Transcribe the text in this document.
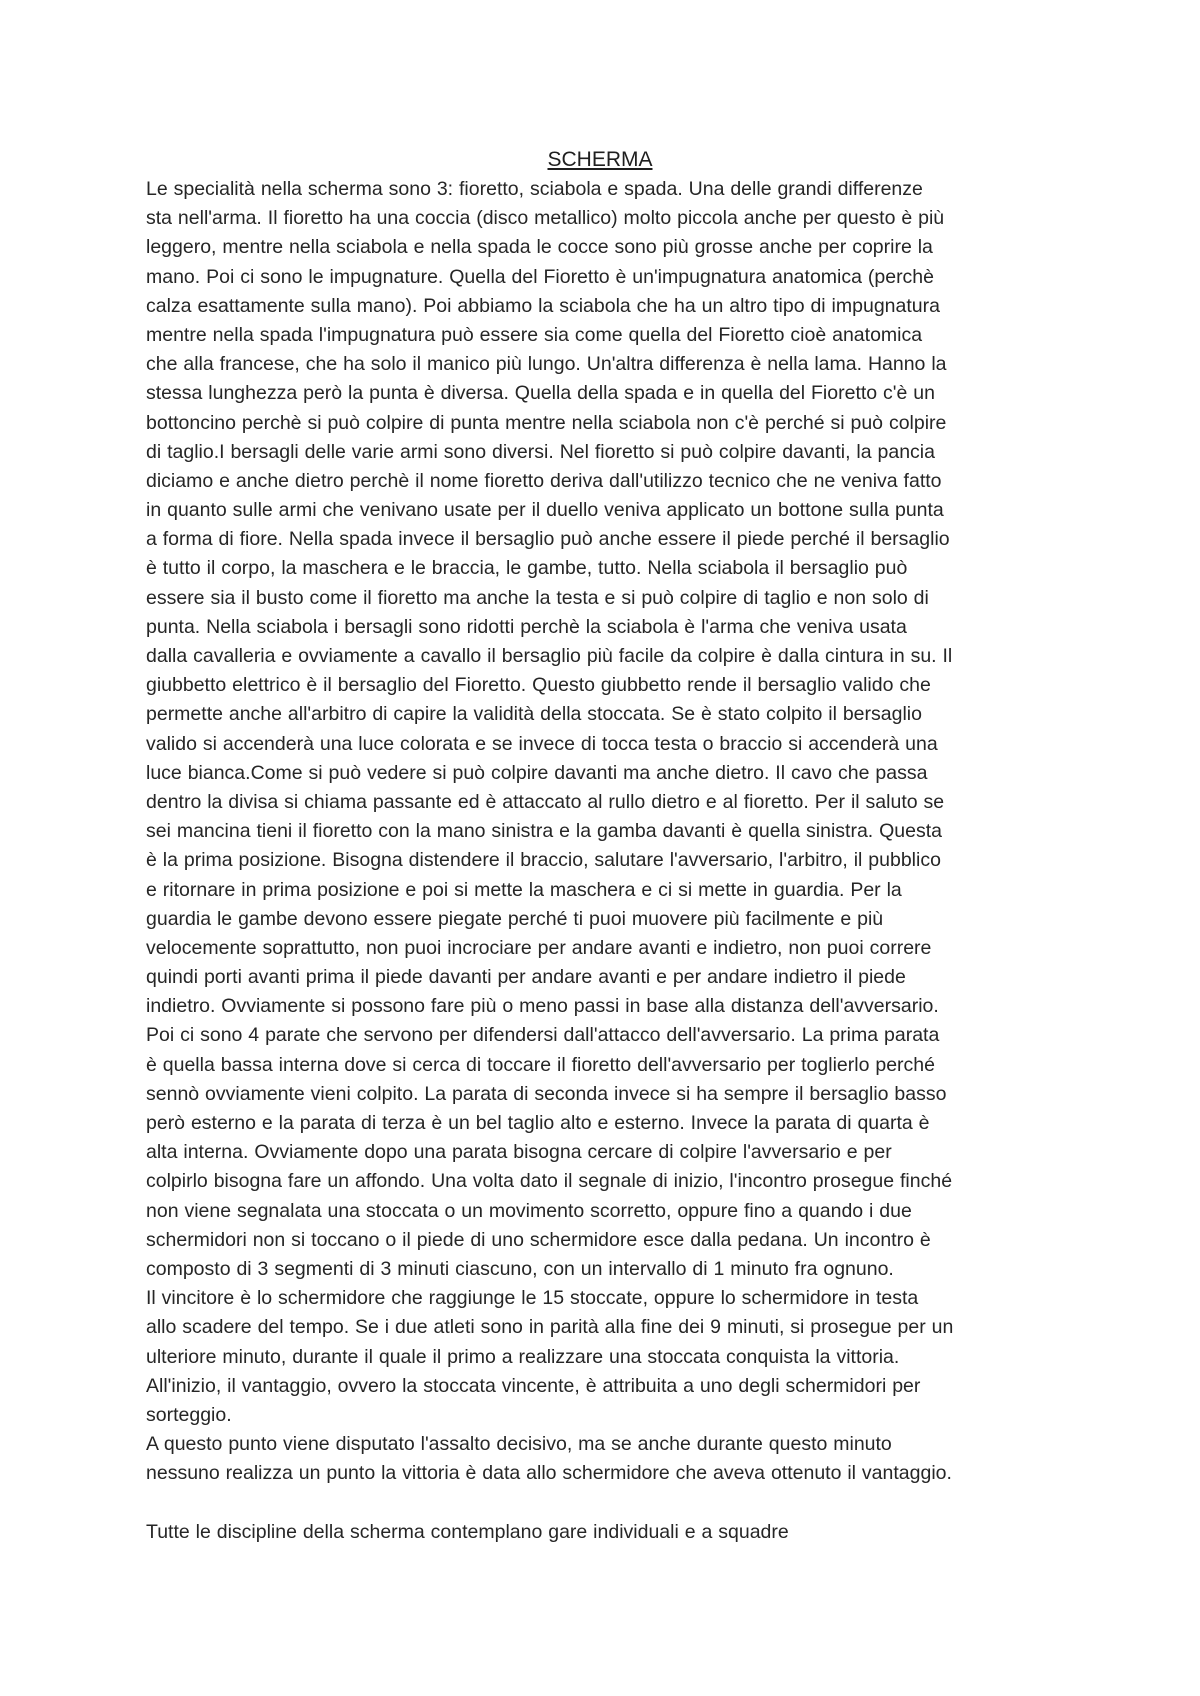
SCHERMA
Le specialità nella scherma sono 3: fioretto, sciabola e spada. Una delle grandi differenze
sta nell'arma. Il fioretto ha una coccia (disco metallico) molto piccola anche per questo è più
leggero, mentre nella sciabola e nella spada le cocce sono più grosse anche per coprire la
mano. Poi ci sono le impugnature. Quella del Fioretto è un'impugnatura anatomica (perchè
calza esattamente sulla mano). Poi abbiamo la sciabola che ha un altro tipo di impugnatura
mentre nella spada l'impugnatura può essere sia come quella del Fioretto cioè anatomica
che alla francese, che ha solo il manico più lungo. Un'altra differenza è nella lama. Hanno la
stessa lunghezza però la punta è diversa. Quella della spada e in quella del Fioretto c'è un
bottoncino perchè si può colpire di punta mentre nella sciabola non c'è perché si può colpire
di taglio.I bersagli delle varie armi sono diversi. Nel fioretto si può colpire davanti, la pancia
diciamo e anche dietro perchè il nome fioretto deriva dall'utilizzo tecnico che ne veniva fatto
in quanto sulle armi che venivano usate per il duello veniva applicato un bottone sulla punta
a forma di fiore. Nella spada invece il bersaglio può anche essere il piede perché il bersaglio
è tutto il corpo, la maschera e le braccia, le gambe, tutto. Nella sciabola il bersaglio può
essere sia il busto come il fioretto ma anche la testa e si può colpire di taglio e non solo di
punta. Nella sciabola i bersagli sono ridotti perchè la sciabola è l'arma che veniva usata
dalla cavalleria e ovviamente a cavallo il bersaglio più facile da colpire è dalla cintura in su. Il
giubbetto elettrico è il bersaglio del Fioretto. Questo giubbetto rende il bersaglio valido che
permette anche all'arbitro di capire la validità della stoccata. Se è stato colpito il bersaglio
valido si accenderà una luce colorata e se invece di tocca testa o braccio si accenderà una
luce bianca.Come si può vedere si può colpire davanti ma anche dietro. Il cavo che passa
dentro la divisa si chiama passante ed è attaccato al rullo dietro e al fioretto. Per il saluto se
sei mancina tieni il fioretto con la mano sinistra e la gamba davanti è quella sinistra. Questa
è la prima posizione. Bisogna distendere il braccio, salutare l'avversario, l'arbitro, il pubblico
e ritornare in prima posizione e poi si mette la maschera e ci si mette in guardia. Per la
guardia le gambe devono essere piegate perché ti puoi muovere più facilmente e più
velocemente soprattutto, non puoi incrociare per andare avanti e indietro, non puoi correre
quindi porti avanti prima il piede davanti per andare avanti e per andare indietro il piede
indietro. Ovviamente si possono fare più o meno passi in base alla distanza dell'avversario.
Poi ci sono 4 parate che servono per difendersi dall'attacco dell'avversario. La prima parata
è quella bassa interna dove si cerca di toccare il fioretto dell'avversario per toglierlo perché
sennò ovviamente vieni colpito. La parata di seconda invece si ha sempre il bersaglio basso
però esterno e la parata di terza è un bel taglio alto e esterno. Invece la parata di quarta è
alta interna. Ovviamente dopo una parata bisogna cercare di colpire l'avversario e per
colpirlo bisogna fare un affondo. Una volta dato il segnale di inizio, l'incontro prosegue finché
non viene segnalata una stoccata o un movimento scorretto, oppure fino a quando i due
schermidori non si toccano o il piede di uno schermidore esce dalla pedana. Un incontro è
composto di 3 segmenti di 3 minuti ciascuno, con un intervallo di 1 minuto fra ognuno.
Il vincitore è lo schermidore che raggiunge le 15 stoccate, oppure lo schermidore in testa
allo scadere del tempo. Se i due atleti sono in parità alla fine dei 9 minuti, si prosegue per un
ulteriore minuto, durante il quale il primo a realizzare una stoccata conquista la vittoria.
All'inizio, il vantaggio, ovvero la stoccata vincente, è attribuita a uno degli schermidori per
sorteggio.
A questo punto viene disputato l'assalto decisivo, ma se anche durante questo minuto
nessuno realizza un punto la vittoria è data allo schermidore che aveva ottenuto il vantaggio.
Tutte le discipline della scherma contemplano gare individuali e a squadre
